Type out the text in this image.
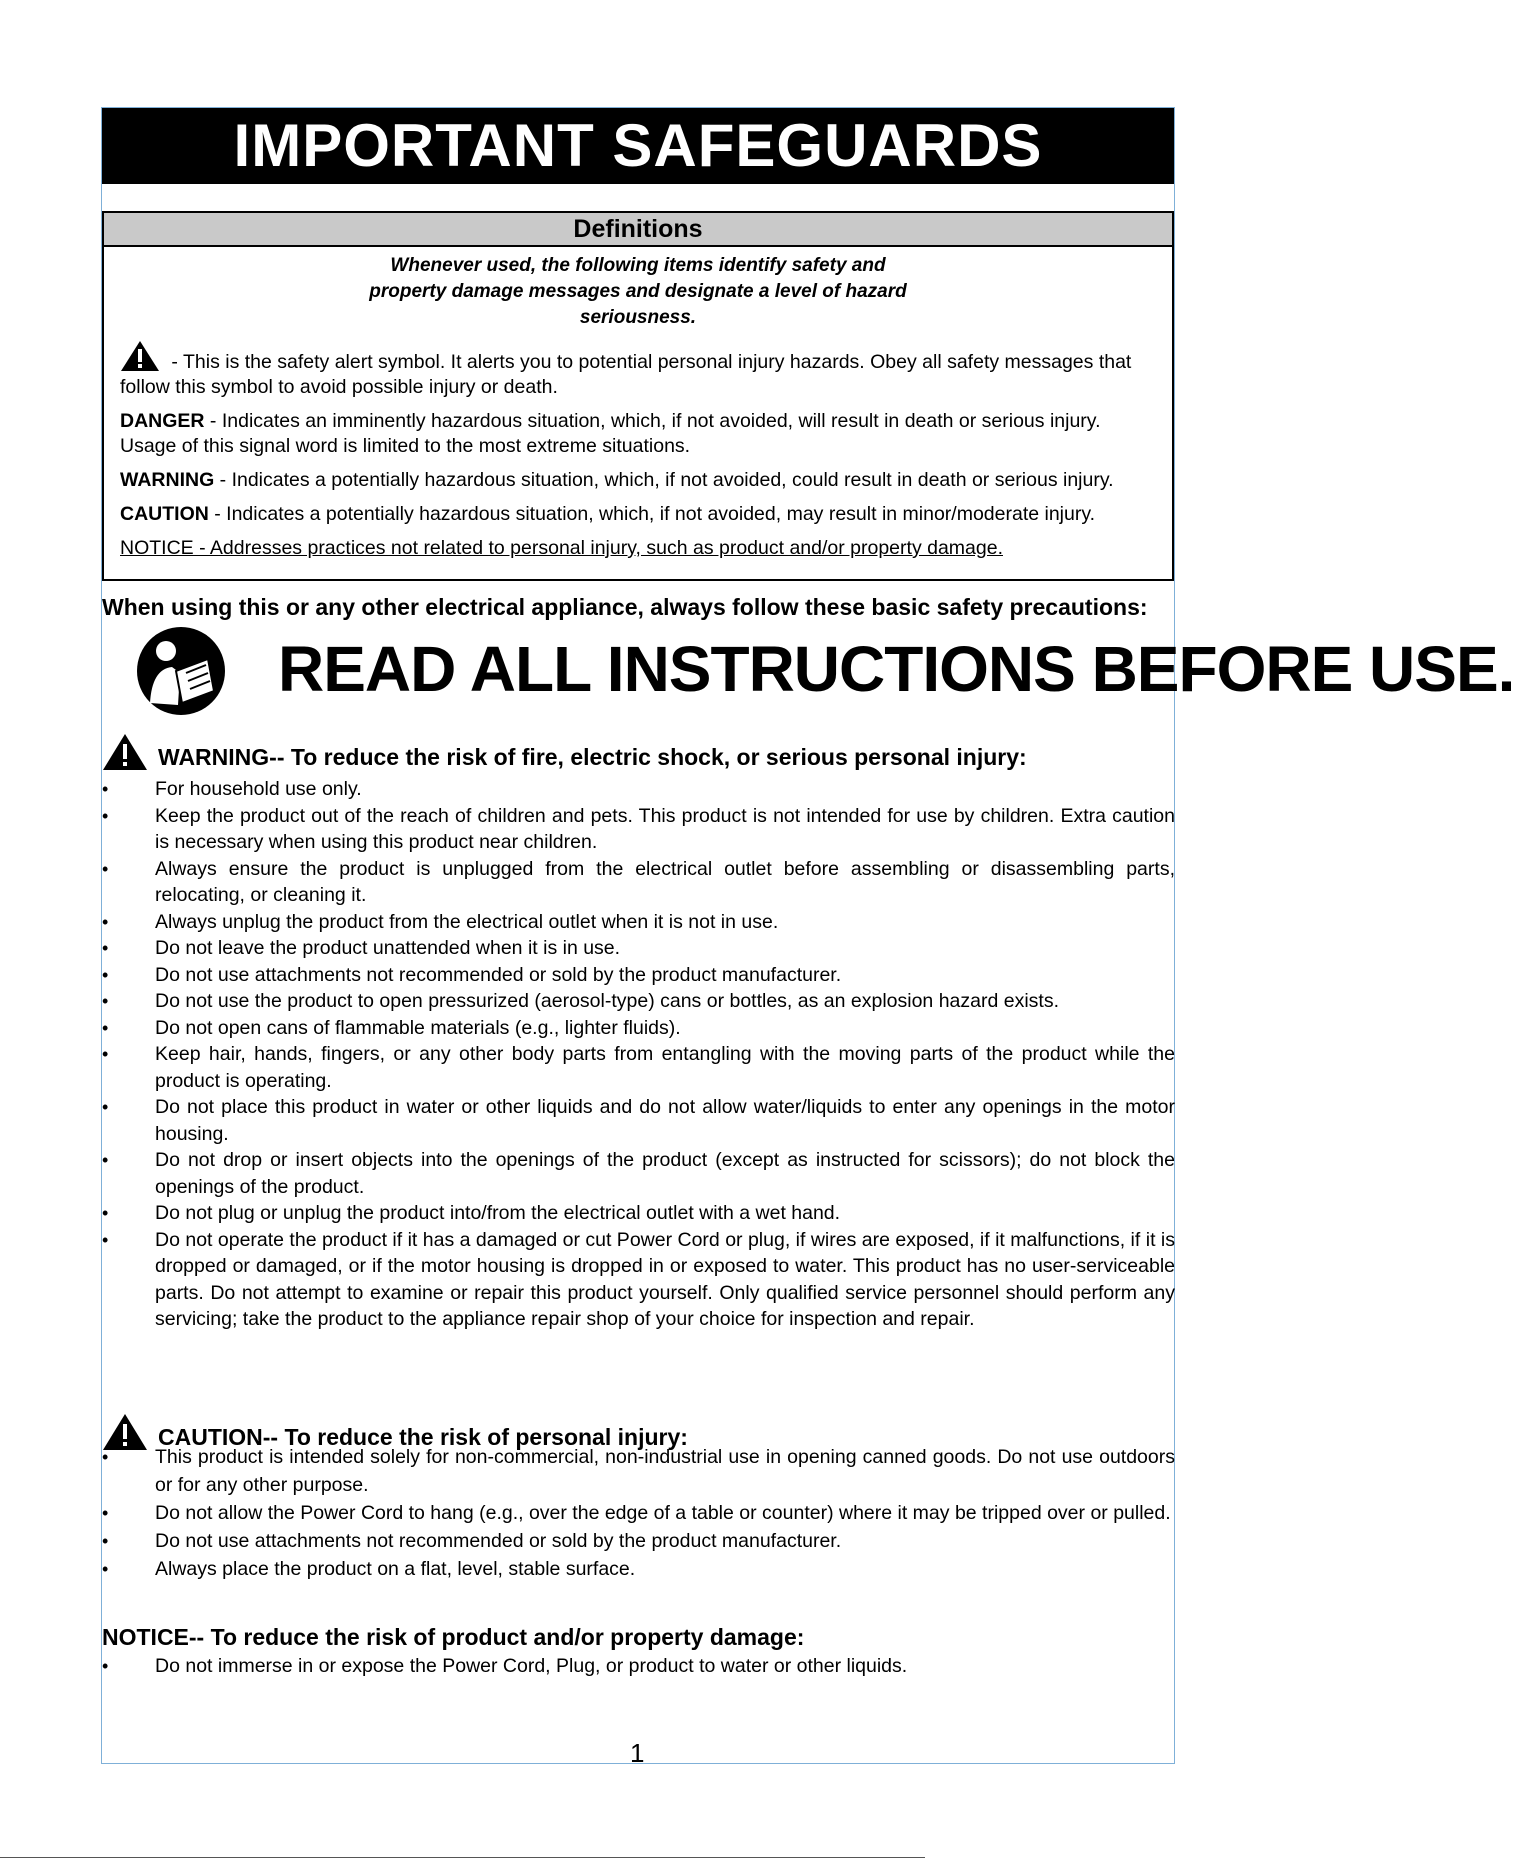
IMPORTANT SAFEGUARDS
Definitions
Whenever used, the following items identify safety and property damage messages and designate a level of hazard seriousness.

- This is the safety alert symbol. It alerts you to potential personal injury hazards. Obey all safety messages that follow this symbol to avoid possible injury or death.

DANGER - Indicates an imminently hazardous situation, which, if not avoided, will result in death or serious injury. Usage of this signal word is limited to the most extreme situations.

WARNING - Indicates a potentially hazardous situation, which, if not avoided, could result in death or serious injury.

CAUTION - Indicates a potentially hazardous situation, which, if not avoided, may result in minor/moderate injury.

NOTICE - Addresses practices not related to personal injury, such as product and/or property damage.

When using this or any other electrical appliance, always follow these basic safety precautions:
READ ALL INSTRUCTIONS BEFORE USE.
WARNING-- To reduce the risk of fire, electric shock, or serious personal injury:
• For household use only.
• Keep the product out of the reach of children and pets. This product is not intended for use by children. Extra caution is necessary when using this product near children.
• Always ensure the product is unplugged from the electrical outlet before assembling or disassembling parts, relocating, or cleaning it.
• Always unplug the product from the electrical outlet when it is not in use.
• Do not leave the product unattended when it is in use.
• Do not use attachments not recommended or sold by the product manufacturer.
• Do not use the product to open pressurized (aerosol-type) cans or bottles, as an explosion hazard exists.
• Do not open cans of flammable materials (e.g., lighter fluids).
• Keep hair, hands, fingers, or any other body parts from entangling with the moving parts of the product while the product is operating.
• Do not place this product in water or other liquids and do not allow water/liquids to enter any openings in the motor housing.
• Do not drop or insert objects into the openings of the product (except as instructed for scissors); do not block the openings of the product.
• Do not plug or unplug the product into/from the electrical outlet with a wet hand.
• Do not operate the product if it has a damaged or cut Power Cord or plug, if wires are exposed, if it malfunctions, if it is dropped or damaged, or if the motor housing is dropped in or exposed to water. This product has no user-serviceable parts. Do not attempt to examine or repair this product yourself. Only qualified service personnel should perform any servicing; take the product to the appliance repair shop of your choice for inspection and repair.
CAUTION-- To reduce the risk of personal injury:
• This product is intended solely for non-commercial, non-industrial use in opening canned goods. Do not use outdoors or for any other purpose.
• Do not allow the Power Cord to hang (e.g., over the edge of a table or counter) where it may be tripped over or pulled.
• Do not use attachments not recommended or sold by the product manufacturer.
• Always place the product on a flat, level, stable surface.
NOTICE-- To reduce the risk of product and/or property damage:
• Do not immerse in or expose the Power Cord, Plug, or product to water or other liquids.
1
